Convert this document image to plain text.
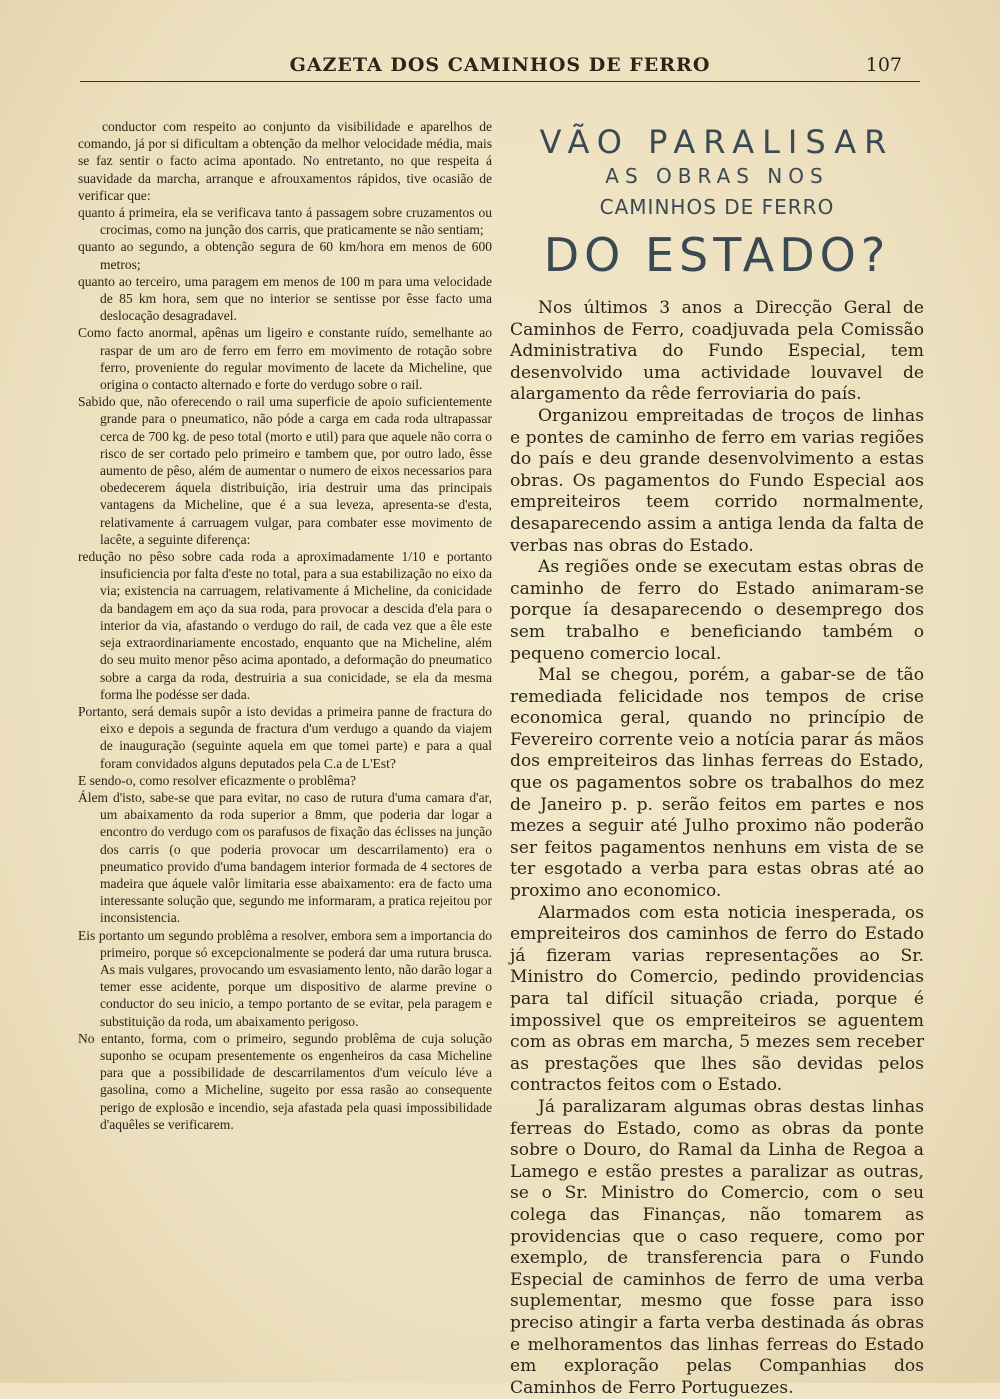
GAZETA DOS CAMINHOS DE FERRO	107

conductor com respeito ao conjunto da visibilidade e aparelhos de comando, já por si dificultam a obtenção da melhor velocidade média, mais se faz sentir o facto acima apontado. No entretanto, no que respeita á suavidade da marcha, arranque e afrouxamentos rápidos, tive ocasião de verificar que:

quanto á primeira, ela se verificava tanto á passagem sobre cruzamentos ou crocimas, como na junção dos carris, que praticamente se não sentiam;

quanto ao segundo, a obtenção segura de 60 km/hora em menos de 600 metros;

quanto ao terceiro, uma paragem em menos de 100 m para uma velocidade de 85 km hora, sem que no interior se sentisse por êsse facto uma deslocação desagradavel.

Como facto anormal, apênas um ligeiro e constante ruído, semelhante ao raspar de um aro de ferro em ferro em movimento de rotação sobre ferro, proveniente do regular movimento de lacete da Micheline, que origina o contacto alternado e forte do verdugo sobre o rail.

Sabido que, não oferecendo o rail uma superficie de apoio suficientemente grande para o pneumatico, não póde a carga em cada roda ultrapassar cerca de 700 kg. de peso total (morto e util) para que aquele não corra o risco de ser cortado pelo primeiro e tambem que, por outro lado, êsse aumento de pêso, além de aumentar o numero de eixos necessarios para obedecerem áquela distribuição, iria destruir uma das principais vantagens da Micheline, que é a sua leveza, apresenta-se d'esta, relativamente á carruagem vulgar, para combater esse movimento de lacête, a seguinte diferença:

redução no pêso sobre cada roda a aproximadamente 1/10 e portanto insuficiencia por falta d'este no total, para a sua estabilização no eixo da via; existencia na carruagem, relativamente á Micheline, da conicidade da bandagem em aço da sua roda, para provocar a descida d'ela para o interior da via, afastando o verdugo do rail, de cada vez que a êle este seja extraordinariamente encostado, enquanto que na Micheline, além do seu muito menor pêso acima apontado, a deformação do pneumatico sobre a carga da roda, destruiria a sua conicidade, se ela da mesma forma lhe podésse ser dada.

Portanto, será demais supôr a isto devidas a primeira panne de fractura do eixo e depois a segunda de fractura d'um verdugo a quando da viajem de inauguração (seguinte aquela em que tomei parte) e para a qual foram convidados alguns deputados pela C.a de L'Est?

E sendo-o, como resolver eficazmente o problêma?

Álem d'isto, sabe-se que para evitar, no caso de rutura d'uma camara d'ar, um abaixamento da roda superior a 8mm, que poderia dar logar a encontro do verdugo com os parafusos de fixação das éclisses na junção dos carris (o que poderia provocar um descarrilamento) era o pneumatico provido d'uma bandagem interior formada de 4 sectores de madeira que áquele valôr limitaria esse abaixamento: era de facto uma interessante solução que, segundo me informaram, a pratica rejeitou por inconsistencia.

Eis portanto um segundo problêma a resolver, embora sem a importancia do primeiro, porque só excepcionalmente se poderá dar uma rutura brusca. As mais vulgares, provocando um esvasiamento lento, não darão logar a temer esse acidente, porque um dispositivo de alarme previne o conductor do seu inicio, a tempo portanto de se evitar, pela paragem e substituição da roda, um abaixamento perigoso.

No entanto, forma, com o primeiro, segundo problêma de cuja solução suponho se ocupam presentemente os engenheiros da casa Micheline para que a possibilidade de descarrilamentos d'um veículo léve a gasolina, como a Micheline, sugeito por essa rasão ao consequente perigo de explosão e incendio, seja afastada pela quasi impossibilidade d'aquêles se verificarem.

VÃO PARALISAR
AS OBRAS NOS
CAMINHOS DE FERRO
DO ESTADO?

Nos últimos 3 anos a Direcção Geral de Caminhos de Ferro, coadjuvada pela Comissão Administrativa do Fundo Especial, tem desenvolvido uma actividade louvavel de alargamento da rêde ferroviaria do país.

Organizou empreitadas de troços de linhas e pontes de caminho de ferro em varias regiões do país e deu grande desenvolvimento a estas obras. Os pagamentos do Fundo Especial aos empreiteiros teem corrido normalmente, desaparecendo assim a antiga lenda da falta de verbas nas obras do Estado.

As regiões onde se executam estas obras de caminho de ferro do Estado animaram-se porque ía desaparecendo o desemprego dos sem trabalho e beneficiando também o pequeno comercio local.

Mal se chegou, porém, a gabar-se de tão remediada felicidade nos tempos de crise economica geral, quando no princípio de Fevereiro corrente veio a notícia parar ás mãos dos empreiteiros das linhas ferreas do Estado, que os pagamentos sobre os trabalhos do mez de Janeiro p. p. serão feitos em partes e nos mezes a seguir até Julho proximo não poderão ser feitos pagamentos nenhuns em vista de se ter esgotado a verba para estas obras até ao proximo ano economico.

Alarmados com esta noticia inesperada, os empreiteiros dos caminhos de ferro do Estado já fizeram varias representações ao Sr. Ministro do Comercio, pedindo providencias para tal difícil situação criada, porque é impossivel que os empreiteiros se aguentem com as obras em marcha, 5 mezes sem receber as prestações que lhes são devidas pelos contractos feitos com o Estado.

Já paralizaram algumas obras destas linhas ferreas do Estado, como as obras da ponte sobre o Douro, do Ramal da Linha de Regoa a Lamego e estão prestes a paralizar as outras, se o Sr. Ministro do Comercio, com o seu colega das Finanças, não tomarem as providencias que o caso requere, como por exemplo, de transferencia para o Fundo Especial de caminhos de ferro de uma verba suplementar, mesmo que fosse para isso preciso atingir a farta verba destinada ás obras e melhoramentos das linhas ferreas do Estado em exploração pelas Companhias dos Caminhos de Ferro Portuguezes.
